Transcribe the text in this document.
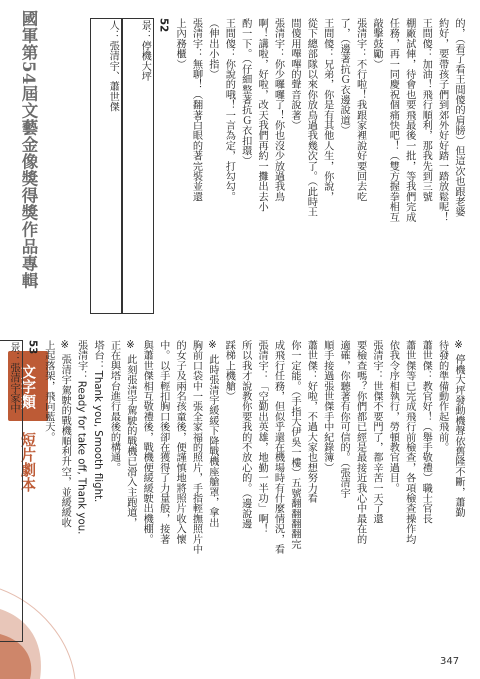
國軍第54屆文藝金像獎得獎作品專輯
文字類
短片劇本
的，（看了看王間傻的肩膀）但這次也跟老婆
約好，要帶孩子們到郊外好好踏一踏放鬆呢！
王間傻：加油！飛行順利，那我先到三號
棚廠試俥，待會也要飛最後一批，等我們完成
任務，再一同慶祝個痛快吧！（雙方握拳相互
敲擊鼓勵）
張清宇：不行啦！我跟家裡說好要回去吃
了，（邊著抗Ｇ衣邊說道）
王間傻：兄弟，你是有其他人生，你說，
從下總部隊以來你放鳥過我幾次了。（此時王
間傻用嗶嗶的聲音說著）
張清宇：你少囉囉了！你也沒少放過我鳥
啊！講啦，好啦，改天我們再約一攤出去小
酌一下。（仔細整著抗Ｇ衣扣環）
王間傻：你說的哦！一言為定，打勾勾。
（伸出小指）
張清宇：無聊！（翻著白眼的著完裝並還
上內務櫃）
52
景：停機大坪
人：張清宇、蕭世傑
※ 停機大坪發動機聲依舊隆不斷，蕭勤
待發的準備動作起飛前。
蕭世傑：教官好！（舉手敬禮）職士官長
蕭世傑等已完成飛行前檢查，各項檢查操作均
依我令序相執行，勞頓教官過目。
張清宇：世傑不要門了，都辛苦一天了還
要檢查嗎？你們都已經是最接近我心中最在的
適確，你聽著有你可信的。（張清宇
順手接過張世傑手中紀錄簿）
蕭世傑：好啦，不過大家也想努力看
你一定能。（手指大伊吳一樓）五號翻翻翻翻完
成飛行任務，但似乎還在機場時有什麼情況，看
張清宇：「空勤出英雄，地勤一半功」啊！
所以我才說教你要我的不放心的。（邊說邊
踩梯上機艙）
※ 此時張清宇緩緩下降戰機座艙罩，拿出
胸前口袋中一張全家福的照片，手指輕撫照片中
的女子及兩名孩童後，便謹慎地將照片收入懷
中。以手輕扣胸口後卻在獲得了力量般，接著
與蕭世傑相互敬禮後，戰機便緩緩駛出機棚。
※ 此刻張清宇駕駛的戰機已滑入主跑道，
正在與塔台進行最後的構通。
塔台：Thank you, Smooth flight.
張清宇：Ready for take off, Thank you.
※ 張清宇駕駛的戰機順利升空，並緩緩收
上起落架，飛向藍天。
53
景：張清宇家中
347
